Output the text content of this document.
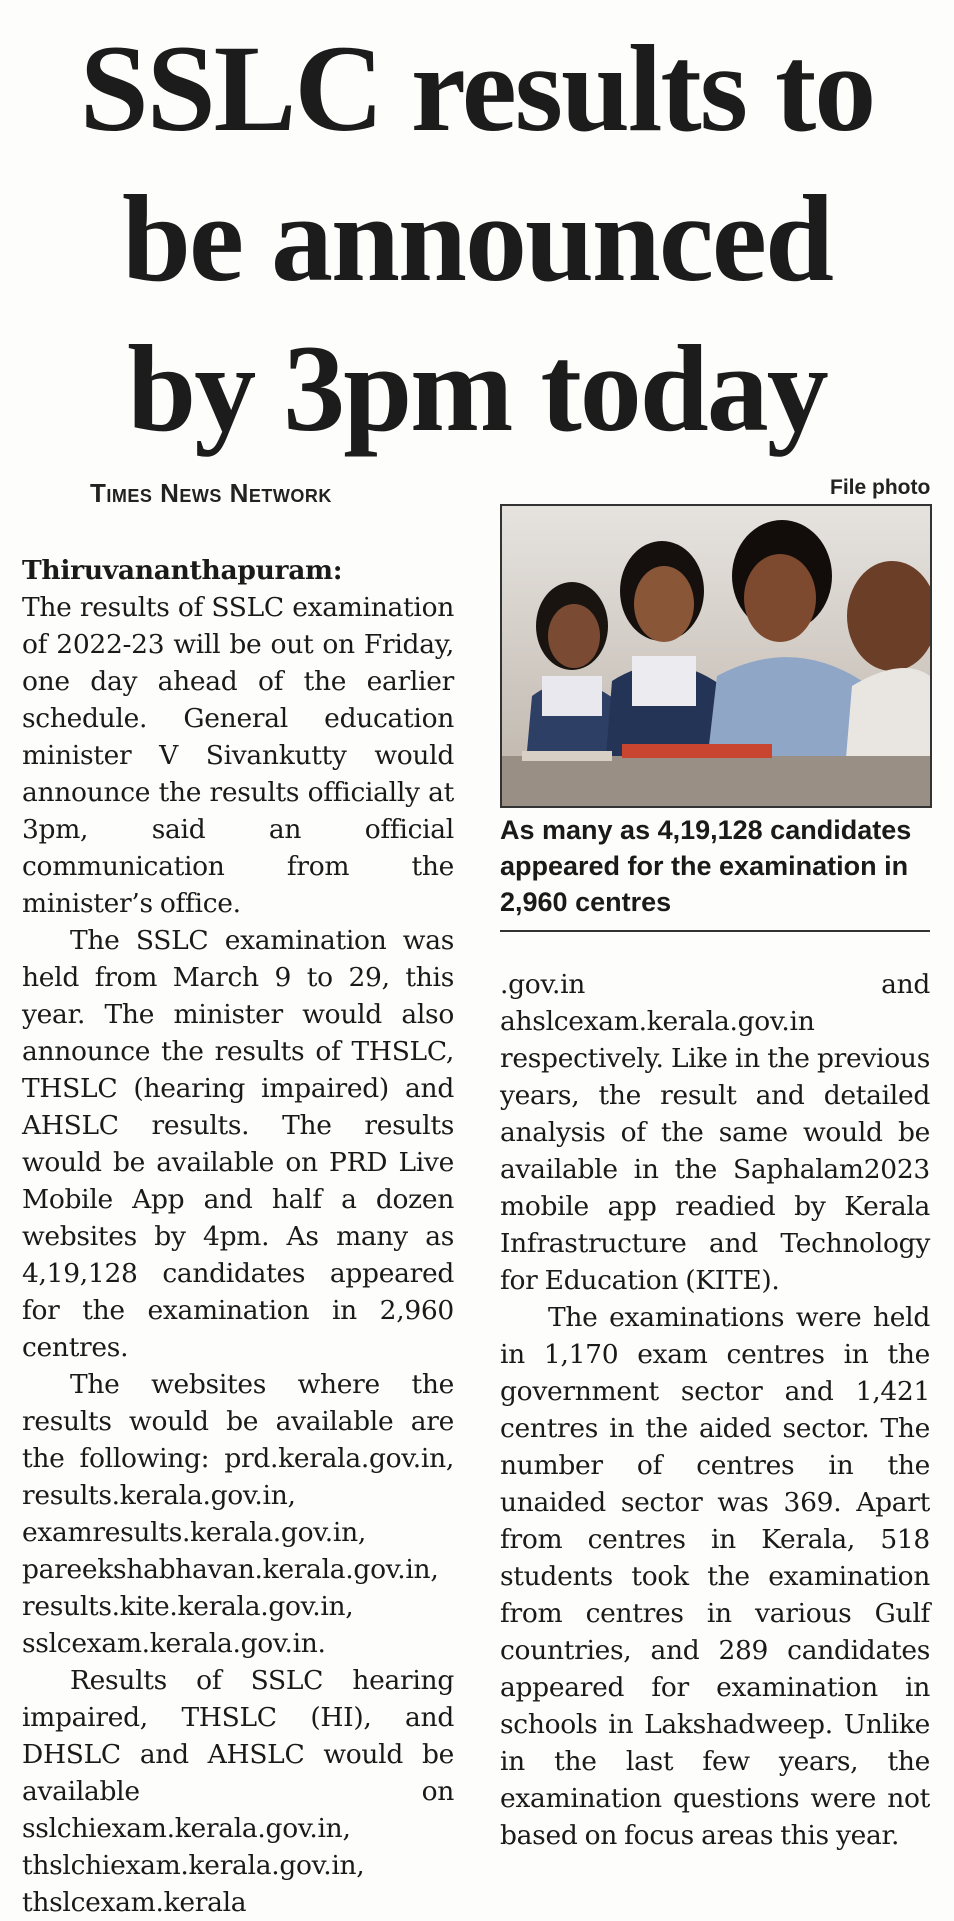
SSLC results to
be announced
by 3pm today
Times News Network	File photo
As many as 4,19,128 candidates appeared for the examination in 2,960 centres
Thiruvananthapuram:

The results of SSLC examination of 2022-23 will be out on Friday, one day ahead of the earlier schedule. General education minister V Sivankutty would announce the results officially at 3pm, said an official communication from the minister’s office.

The SSLC examination was held from March 9 to 29, this year. The minister would also announce the results of THSLC, THSLC (hearing impaired) and AHSLC results. The results would be available on PRD Live Mobile App and half a dozen websites by 4pm. As many as 4,19,128 candidates appeared for the examination in 2,960 centres.

The websites where the results would be available are the following: prd.kerala.gov.in, results.kerala.gov.in, examresults.kerala.gov.in, pareekshabhavan.kerala.gov.in, results.kite.kerala.gov.in, sslcexam.kerala.gov.in.

Results of SSLC hearing impaired, THSLC (HI), and DHSLC and AHSLC would be available on sslchiexam.kerala.gov.in, thslchiexam.kerala.gov.in, thslcexam.kerala

.gov.in and ahslcexam.kerala.gov.in respectively. Like in the previous years, the result and detailed analysis of the same would be available in the Saphalam2023 mobile app readied by Kerala Infrastructure and Technology for Education (KITE).

The examinations were held in 1,170 exam centres in the government sector and 1,421 centres in the aided sector. The number of centres in the unaided sector was 369. Apart from centres in Kerala, 518 students took the examination from centres in various Gulf countries, and 289 candidates appeared for examination in schools in Lakshadweep. Unlike in the last few years, the examination questions were not based on focus areas this year.
